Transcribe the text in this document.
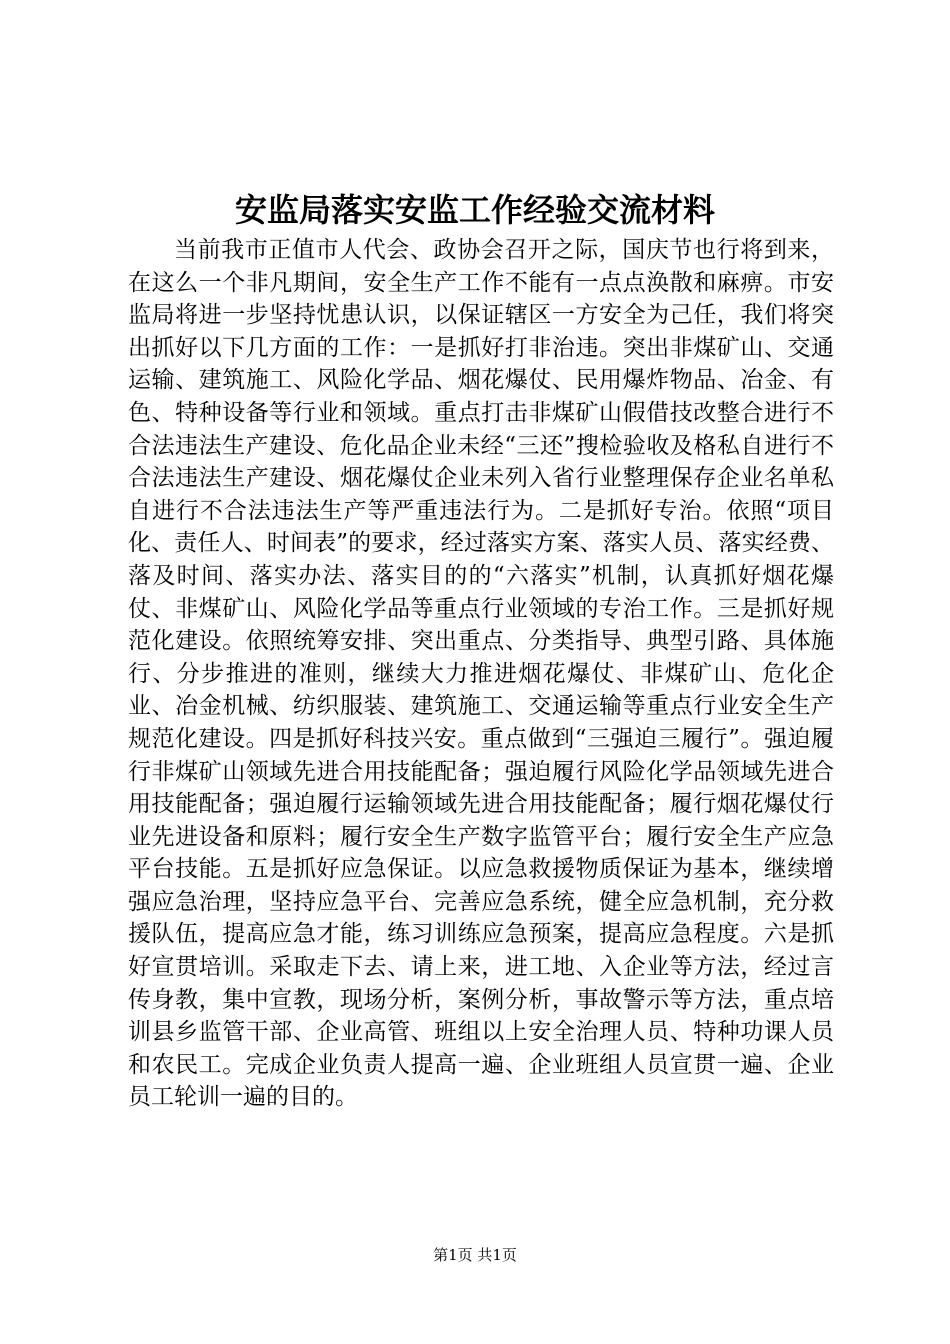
安监局落实安监工作经验交流材料

当前我市正值市人代会、政协会召开之际，国庆节也行将到来，在这么一个非凡期间，安全生产工作不能有一点点涣散和麻痹。市安监局将进一步坚持忧患认识，以保证辖区一方安全为己任，我们将突出抓好以下几方面的工作：一是抓好打非治违。突出非煤矿山、交通运输、建筑施工、风险化学品、烟花爆仗、民用爆炸物品、冶金、有色、特种设备等行业和领域。重点打击非煤矿山假借技改整合进行不合法违法生产建设、危化品企业未经“三还”搜检验收及格私自进行不合法违法生产建设、烟花爆仗企业未列入省行业整理保存企业名单私自进行不合法违法生产等严重违法行为。二是抓好专治。依照“项目化、责任人、时间表”的要求，经过落实方案、落实人员、落实经费、落及时间、落实办法、落实目的的“六落实”机制，认真抓好烟花爆仗、非煤矿山、风险化学品等重点行业领域的专治工作。三是抓好规范化建设。依照统筹安排、突出重点、分类指导、典型引路、具体施行、分步推进的准则，继续大力推进烟花爆仗、非煤矿山、危化企业、冶金机械、纺织服装、建筑施工、交通运输等重点行业安全生产规范化建设。四是抓好科技兴安。重点做到“三强迫三履行”。强迫履行非煤矿山领域先进合用技能配备；强迫履行风险化学品领域先进合用技能配备；强迫履行运输领域先进合用技能配备；履行烟花爆仗行业先进设备和原料；履行安全生产数字监管平台；履行安全生产应急平台技能。五是抓好应急保证。以应急救援物质保证为基本，继续增强应急治理，坚持应急平台、完善应急系统，健全应急机制，充分救援队伍，提高应急才能，练习训练应急预案，提高应急程度。六是抓好宣贯培训。采取走下去、请上来，进工地、入企业等方法，经过言传身教，集中宣教，现场分析，案例分析，事故警示等方法，重点培训县乡监管干部、企业高管、班组以上安全治理人员、特种功课人员和农民工。完成企业负责人提高一遍、企业班组人员宣贯一遍、企业员工轮训一遍的目的。

第1页 共1页
